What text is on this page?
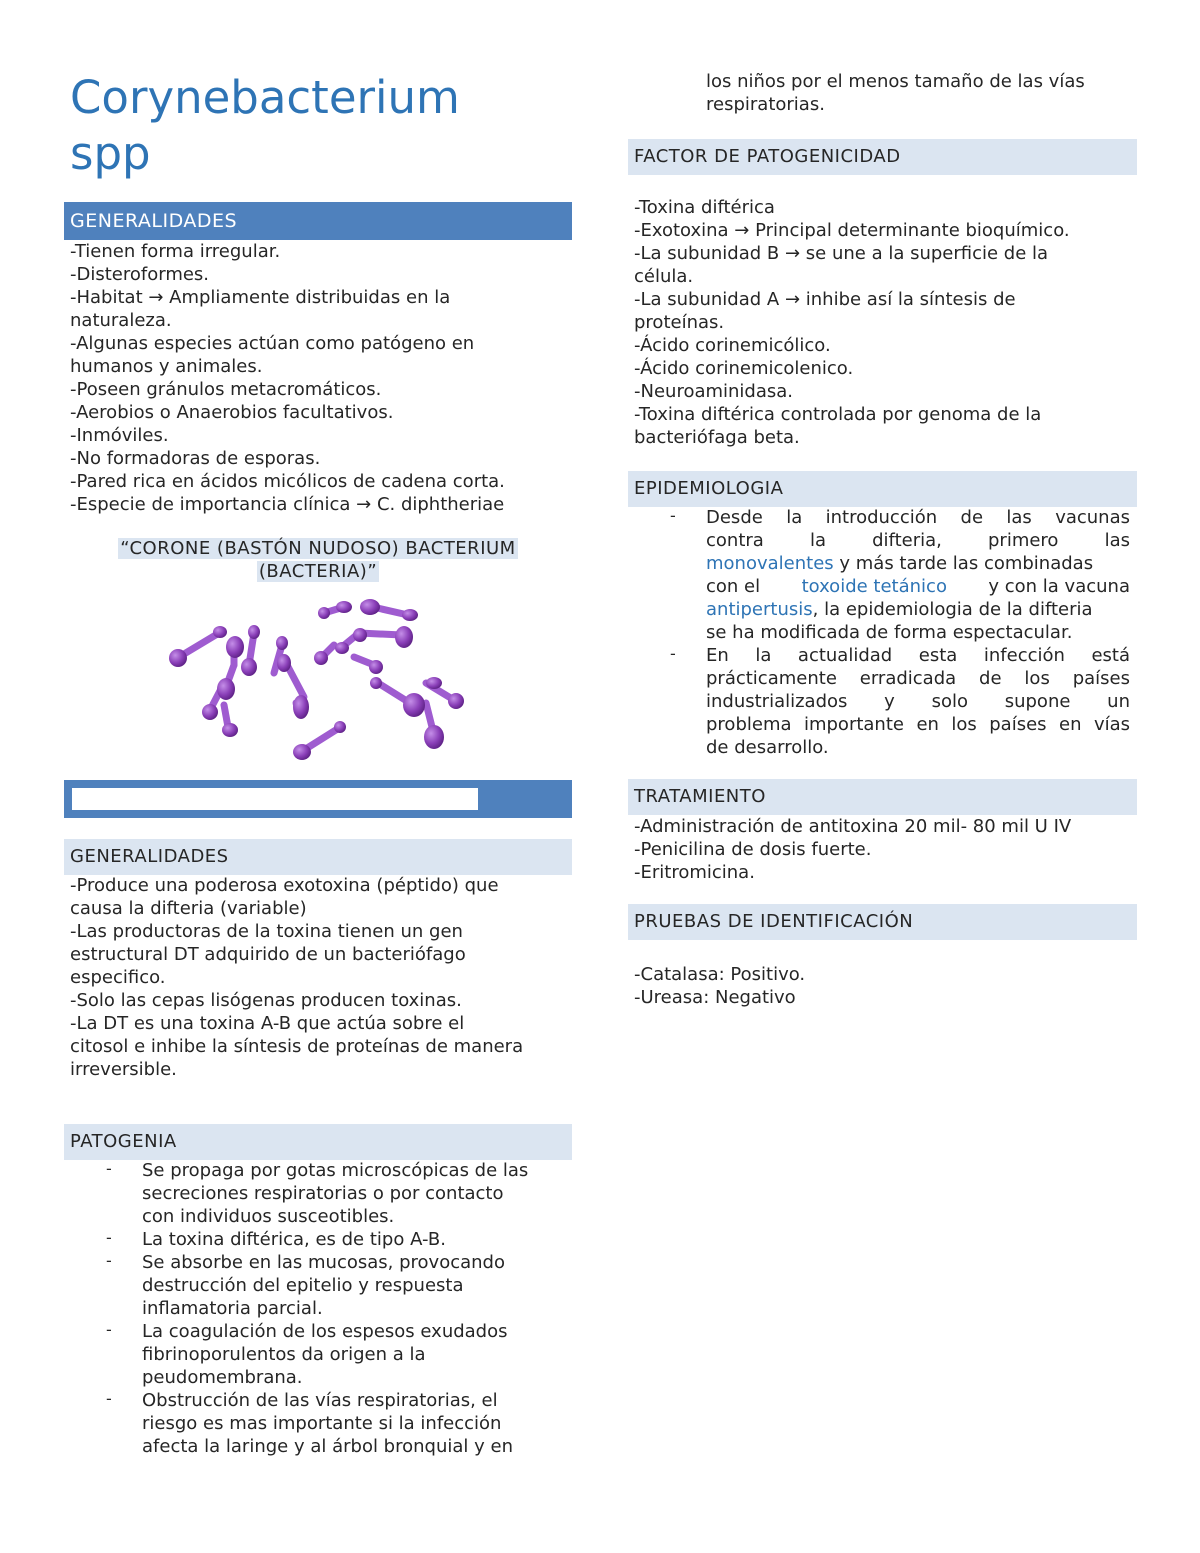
Corynebacterium
spp
GENERALIDADES
-Tienen forma irregular.
-Disteroformes.
-Habitat → Ampliamente distribuidas en la
naturaleza.
-Algunas especies actúan como patógeno en
humanos y animales.
-Poseen gránulos metacromáticos.
-Aerobios o Anaerobios facultativos.
-Inmóviles.
-No formadoras de esporas.
-Pared rica en ácidos micólicos de cadena corta.
-Especie de importancia clínica → C. diphtheriae
“CORONE (BASTÓN NUDOSO) BACTERIUM
(BACTERIA)”
GENERALIDADES
-Produce una poderosa exotoxina (péptido) que
causa la difteria (variable)
-Las productoras de la toxina tienen un gen
estructural DT adquirido de un bacteriófago
especifico.
-Solo las cepas lisógenas producen toxinas.
-La DT es una toxina A-B que actúa sobre el
citosol e inhibe la síntesis de proteínas de manera
irreversible.
PATOGENIA
- Se propaga por gotas microscópicas de las
secreciones respiratorias o por contacto
con individuos susceotibles.
- La toxina diftérica, es de tipo A-B.
- Se absorbe en las mucosas, provocando
destrucción del epitelio y respuesta
inflamatoria parcial.
- La coagulación de los espesos exudados
fibrinoporulentos da origen a la
peudomembrana.
- Obstrucción de las vías respiratorias, el
riesgo es mas importante si la infección
afecta la laringe y al árbol bronquial y en
los niños por el menos tamaño de las vías
respiratorias.
FACTOR DE PATOGENICIDAD
-Toxina diftérica
-Exotoxina → Principal determinante bioquímico.
-La subunidad B → se une a la superficie de la
célula.
-La subunidad A → inhibe así la síntesis de
proteínas.
-Ácido corinemicólico.
-Ácido corinemicolenico.
-Neuroaminidasa.
-Toxina diftérica controlada por genoma de la
bacteriófaga beta.
EPIDEMIOLOGIA
- Desde la introducción de las vacunas
contra la difteria, primero las
monovalentes y más tarde las combinadas
con el toxoide tetánico y con la vacuna
antipertusis, la epidemiologia de la difteria
se ha modificada de forma espectacular.
- En la actualidad esta infección está
prácticamente erradicada de los países
industrializados y solo supone un
problema importante en los países en vías
de desarrollo.
TRATAMIENTO
-Administración de antitoxina 20 mil- 80 mil U IV
-Penicilina de dosis fuerte.
-Eritromicina.
PRUEBAS DE IDENTIFICACIÓN
-Catalasa: Positivo.
-Ureasa: Negativo
